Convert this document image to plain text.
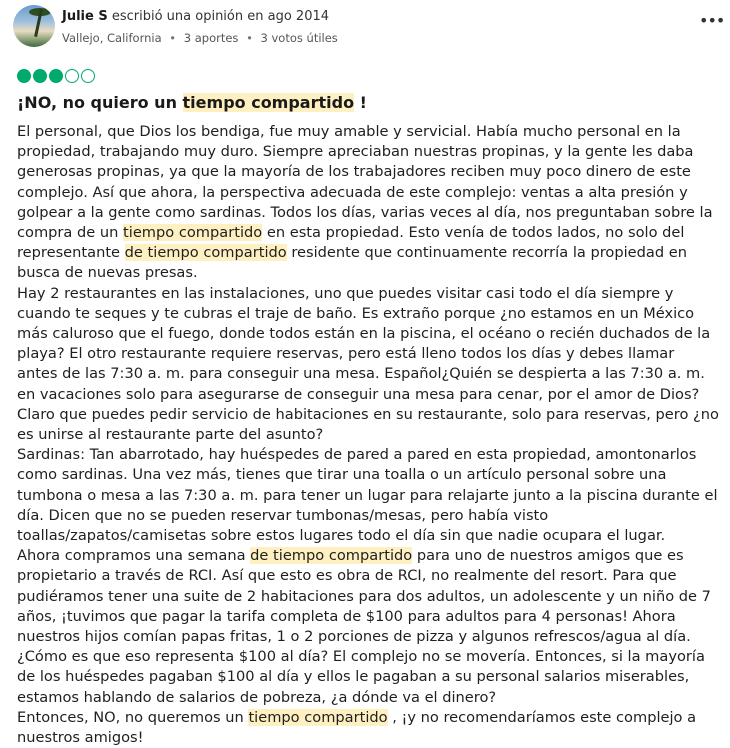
Julie S escribió una opinión en ago 2014
Vallejo, California • 3 aportes • 3 votos útiles
•••
¡NO, no quiero un tiempo compartido !

El personal, que Dios los bendiga, fue muy amable y servicial. Había mucho personal en la propiedad, trabajando muy duro. Siempre apreciaban nuestras propinas, y la gente les daba generosas propinas, ya que la mayoría de los trabajadores reciben muy poco dinero de este complejo. Así que ahora, la perspectiva adecuada de este complejo: ventas a alta presión y golpear a la gente como sardinas. Todos los días, varias veces al día, nos preguntaban sobre la compra de un tiempo compartido en esta propiedad. Esto venía de todos lados, no solo del representante de tiempo compartido residente que continuamente recorría la propiedad en busca de nuevas presas.

Hay 2 restaurantes en las instalaciones, uno que puedes visitar casi todo el día siempre y cuando te seques y te cubras el traje de baño. Es extraño porque ¿no estamos en un México más caluroso que el fuego, donde todos están en la piscina, el océano o recién duchados de la playa? El otro restaurante requiere reservas, pero está lleno todos los días y debes llamar antes de las 7:30 a. m. para conseguir una mesa. Español¿Quién se despierta a las 7:30 a. m. en vacaciones solo para asegurarse de conseguir una mesa para cenar, por el amor de Dios? Claro que puedes pedir servicio de habitaciones en su restaurante, solo para reservas, pero ¿no es unirse al restaurante parte del asunto?

Sardinas: Tan abarrotado, hay huéspedes de pared a pared en esta propiedad, amontonarlos como sardinas. Una vez más, tienes que tirar una toalla o un artículo personal sobre una tumbona o mesa a las 7:30 a. m. para tener un lugar para relajarte junto a la piscina durante el día. Dicen que no se pueden reservar tumbonas/mesas, pero había visto toallas/zapatos/camisetas sobre estos lugares todo el día sin que nadie ocupara el lugar.

Ahora compramos una semana de tiempo compartido para uno de nuestros amigos que es propietario a través de RCI. Así que esto es obra de RCI, no realmente del resort. Para que pudiéramos tener una suite de 2 habitaciones para dos adultos, un adolescente y un niño de 7 años, ¡tuvimos que pagar la tarifa completa de $100 para adultos para 4 personas! Ahora nuestros hijos comían papas fritas, 1 o 2 porciones de pizza y algunos refrescos/agua al día. ¿Cómo es que eso representa $100 al día? El complejo no se movería. Entonces, si la mayoría de los huéspedes pagaban $100 al día y ellos le pagaban a su personal salarios miserables, estamos hablando de salarios de pobreza, ¿a dónde va el dinero?

Entonces, NO, no queremos un tiempo compartido , ¡y no recomendaríamos este complejo a nuestros amigos!
